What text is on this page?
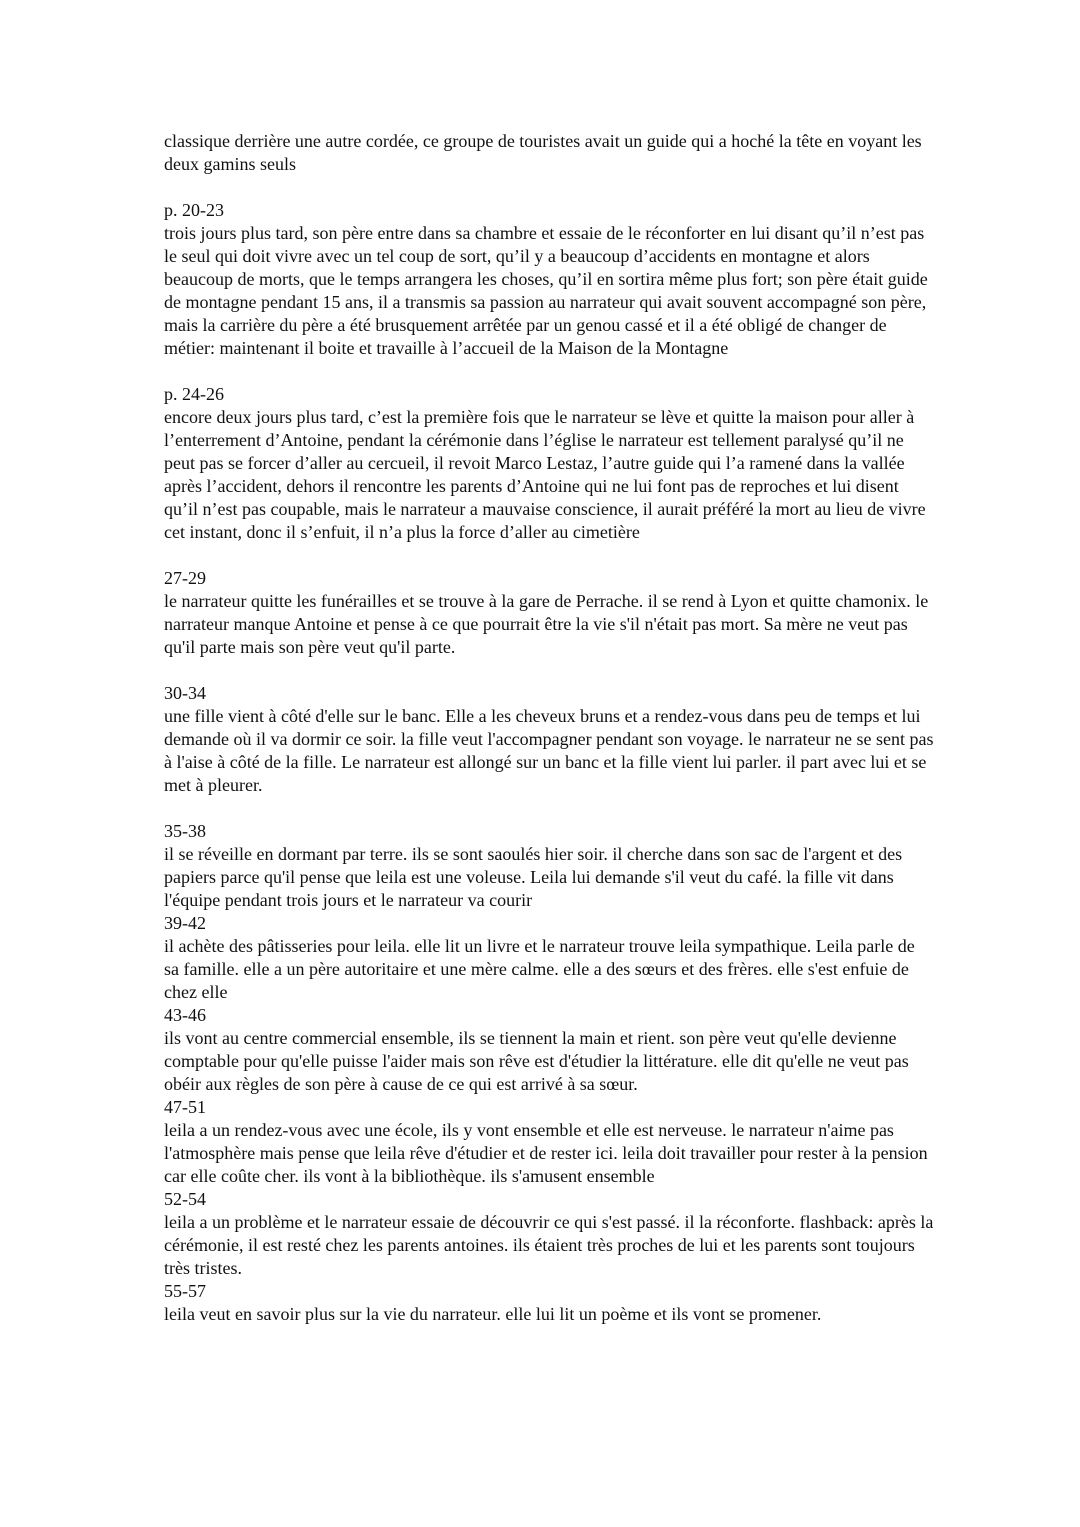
classique derrière une autre cordée, ce groupe de touristes avait un guide qui a hoché la tête en voyant les deux gamins seuls
p. 20-23
trois jours plus tard, son père entre dans sa chambre et essaie de le réconforter en lui disant qu’il n’est pas le seul qui doit vivre avec un tel coup de sort, qu’il y a beaucoup d’accidents en montagne et alors beaucoup de morts, que le temps arrangera les choses, qu’il en sortira même plus fort; son père était guide de montagne pendant 15 ans, il a transmis sa passion au narrateur qui avait souvent accompagné son père, mais la carrière du père a été brusquement arrêtée par un genou cassé et il a été obligé de changer de métier: maintenant il boite et travaille à l’accueil de la Maison de la Montagne
p. 24-26
encore deux jours plus tard, c’est la première fois que le narrateur se lève et quitte la maison pour aller à l’enterrement d’Antoine, pendant la cérémonie dans l’église le narrateur est tellement paralysé qu’il ne peut pas se forcer d’aller au cercueil, il revoit Marco Lestaz, l’autre guide qui l’a ramené dans la vallée après l’accident, dehors il rencontre les parents d’Antoine qui ne lui font pas de reproches et lui disent qu’il n’est pas coupable, mais le narrateur a mauvaise conscience, il aurait préféré la mort au lieu de vivre cet instant, donc il s’enfuit, il n’a plus la force d’aller au cimetière
27-29
le narrateur quitte les funérailles et se trouve à la gare de Perrache. il se rend à Lyon et quitte chamonix. le narrateur manque Antoine et pense à ce que pourrait être la vie s'il n'était pas mort. Sa mère ne veut pas qu'il parte mais son père veut qu'il parte.
30-34
une fille vient à côté d'elle sur le banc. Elle a les cheveux bruns et a rendez-vous dans peu de temps et lui demande où il va dormir ce soir. la fille veut l'accompagner pendant son voyage. le narrateur ne se sent pas à l'aise à côté de la fille. Le narrateur est allongé sur un banc et la fille vient lui parler. il part avec lui et se met à pleurer.
35-38
il se réveille en dormant par terre. ils se sont saoulés hier soir. il cherche dans son sac de l'argent et des papiers parce qu'il pense que leila est une voleuse. Leila lui demande s'il veut du café. la fille vit dans l'équipe pendant trois jours et le narrateur va courir
39-42
il achète des pâtisseries pour leila. elle lit un livre et le narrateur trouve leila sympathique. Leila parle de sa famille. elle a un père autoritaire et une mère calme. elle a des sœurs et des frères. elle s'est enfuie de chez elle
43-46
ils vont au centre commercial ensemble, ils se tiennent la main et rient. son père veut qu'elle devienne comptable pour qu'elle puisse l'aider mais son rêve est d'étudier la littérature. elle dit qu'elle ne veut pas obéir aux règles de son père à cause de ce qui est arrivé à sa sœur.
47-51
leila a un rendez-vous avec une école, ils y vont ensemble et elle est nerveuse. le narrateur n'aime pas l'atmosphère mais pense que leila rêve d'étudier et de rester ici. leila doit travailler pour rester à la pension car elle coûte cher. ils vont à la bibliothèque. ils s'amusent ensemble
52-54
leila a un problème et le narrateur essaie de découvrir ce qui s'est passé. il la réconforte. flashback: après la cérémonie, il est resté chez les parents antoines. ils étaient très proches de lui et les parents sont toujours très tristes.
55-57
leila veut en savoir plus sur la vie du narrateur. elle lui lit un poème et ils vont se promener.
